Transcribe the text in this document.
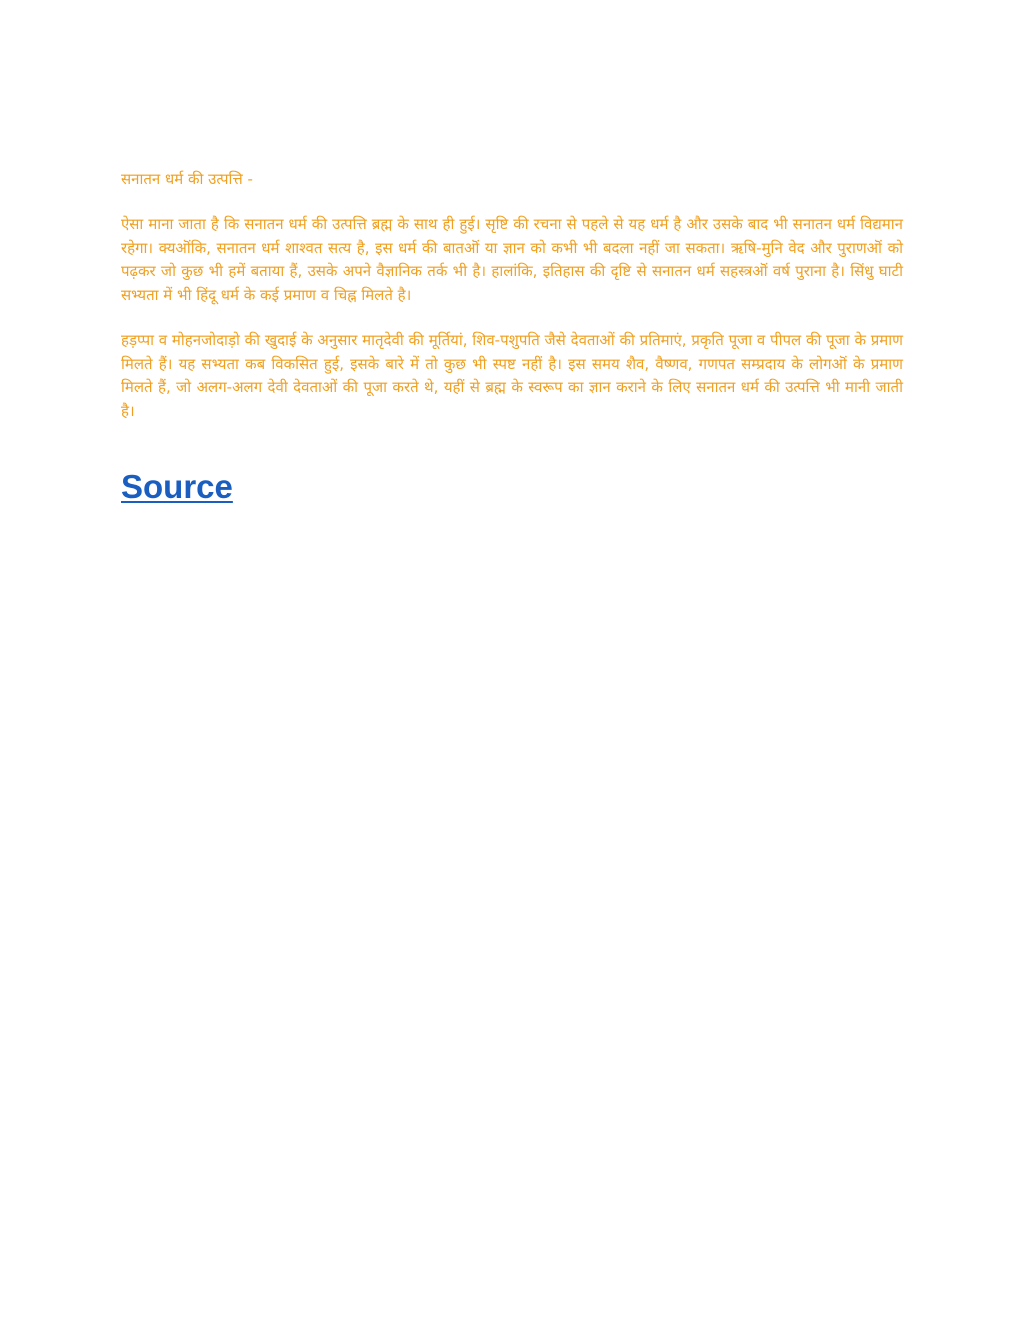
सनातन धर्म की उत्पत्ति -

ऐसा माना जाता है कि सनातन धर्म की उत्पत्ति ब्रह्म के साथ ही हुई। सृष्टि की रचना से पहले से यह धर्म है और उसके बाद भी सनातन धर्म विद्यमान रहेगा। क्यऒंकि, सनातन धर्म शाश्वत सत्य है, इस धर्म की बातऒं या ज्ञान को कभी भी बदला नहीं जा सकता। ऋषि-मुनि वेद और पुराणऒं को पढ़कर जो कुछ भी हमें बताया हैं, उसके अपने वैज्ञानिक तर्क भी है। हालांकि, इतिहास की दृष्टि से सनातन धर्म सहस्त्रऒं वर्ष पुराना है। सिंधु घाटी सभ्यता में भी हिंदू धर्म के कई प्रमाण व चिह्न मिलते है।

हड़प्पा व मोहनजोदाड़ो की खुदाई के अनुसार मातृदेवी की मूर्तियां, शिव-पशुपति जैसे देवताओं की प्रतिमाएं, प्रकृति पूजा व पीपल की पूजा के प्रमाण मिलते हैं। यह सभ्यता कब विकसित हुई, इसके बारे में तो कुछ भी स्पष्ट नहीं है। इस समय शैव, वैष्णव, गणपत सम्प्रदाय के लोगऒं के प्रमाण मिलते हैं, जो अलग-अलग देवी देवताओं की पूजा करते थे, यहीं से ब्रह्म के स्वरूप का ज्ञान कराने के लिए सनातन धर्म की उत्पत्ति भी मानी जाती है।

Source
